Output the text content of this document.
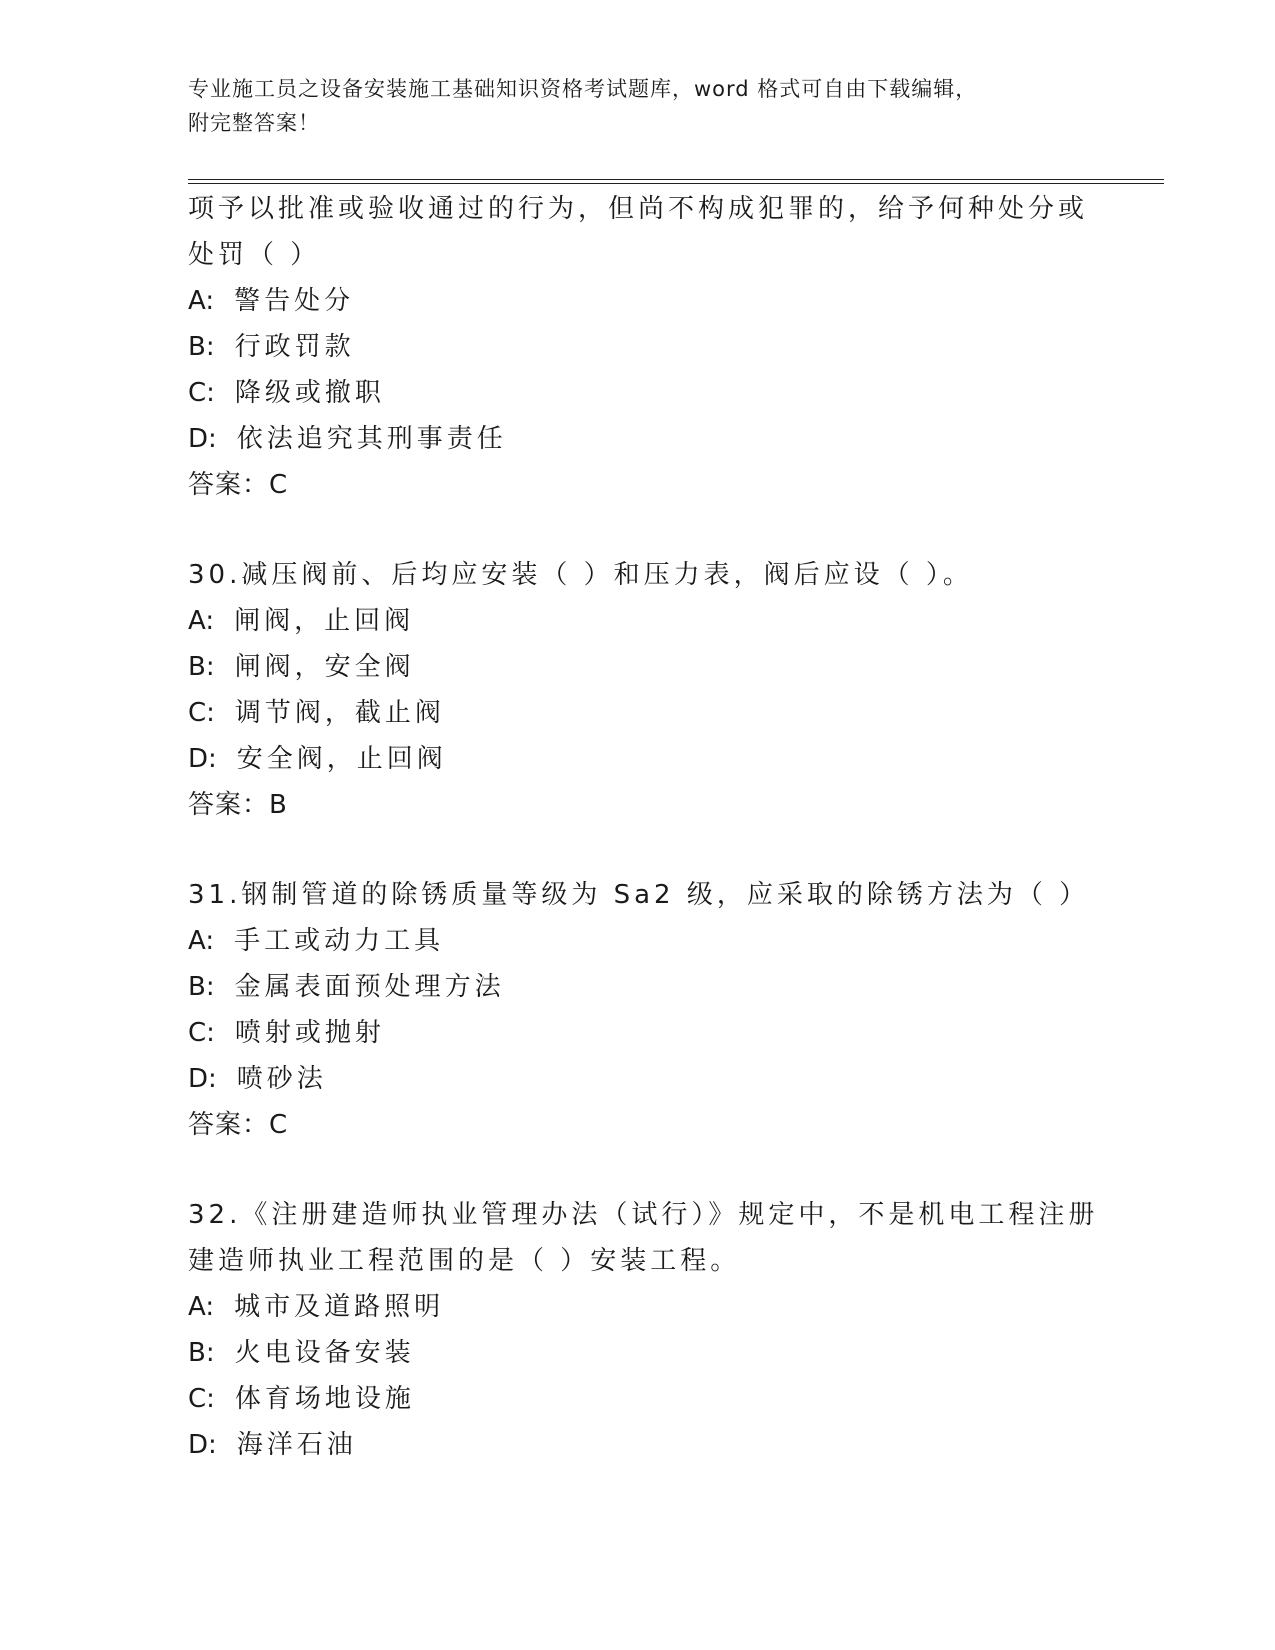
专业施工员之设备安装施工基础知识资格考试题库，word 格式可自由下载编辑，
附完整答案！
项予以批准或验收通过的行为，但尚不构成犯罪的，给予何种处分或
处罚（ ）
A: 警告处分
B: 行政罚款
C: 降级或撤职
D: 依法追究其刑事责任
答案：C
30.减压阀前、后均应安装（ ）和压力表，阀后应设（ ）。
A: 闸阀，止回阀
B: 闸阀，安全阀
C: 调节阀，截止阀
D: 安全阀，止回阀
答案：B
31.钢制管道的除锈质量等级为 Sa2 级，应采取的除锈方法为（ ）
A: 手工或动力工具
B: 金属表面预处理方法
C: 喷射或抛射
D: 喷砂法
答案：C
32.《注册建造师执业管理办法（试行）》规定中，不是机电工程注册
建造师执业工程范围的是（ ）安装工程。
A: 城市及道路照明
B: 火电设备安装
C: 体育场地设施
D: 海洋石油
